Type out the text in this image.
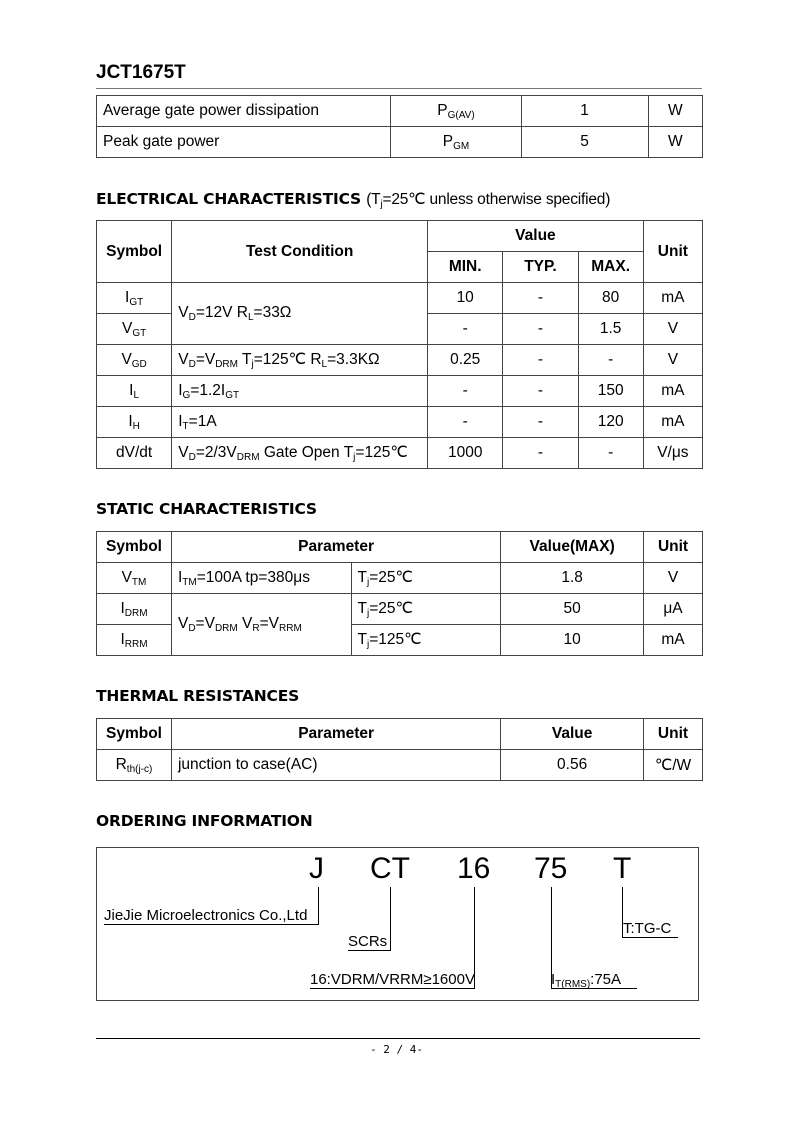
JCT1675T
Average gate power dissipation	$P_{G(AV)}$	1	W
Peak gate power	$P_{GM}$	5	W
ELECTRICAL CHARACTERISTICS ($T_j=25℃$ unless otherwise specified)
Symbol	Test Condition	Value			Unit
		MIN.	TYP.	MAX.	
$I_{GT}$	$V_D=12V$ $R_L=33\Omega$	10	-	80	mA
$V_{GT}$		-	-	1.5	V
$V_{GD}$	$V_D=V_{DRM}$ $T_j=125℃$ $R_L=3.3K\Omega$	0.25	-	-	V
$I_L$	$I_G=1.2I_{GT}$	-	-	150	mA
$I_H$	$I_T=1A$	-	-	120	mA
dV/dt	$V_D=2/3V_{DRM}$ Gate Open $T_j=125℃$	1000	-	-	V/μs
STATIC CHARACTERISTICS
Symbol	Parameter		Value(MAX)	Unit
$V_{TM}$	$I_{TM}=100A$ tp=380μs	$T_j=25℃$	1.8	V
$I_{DRM}$	$V_D=V_{DRM}$ $V_R=V_{RRM}$	$T_j=25℃$	50	μA
$I_{RRM}$		$T_j=125℃$	10	mA
THERMAL RESISTANCES
Symbol	Parameter	Value	Unit
$R_{th(j-c)}$	junction to case(AC)	0.56	℃/W
ORDERING INFORMATION
J CT 16 75 T
JieJie Microelectronics Co.,Ltd
SCRs
16:VDRM/VRRM≥1600V	$I_{T(RMS)}:75A$
T:TG-C
- 2 / 4-
